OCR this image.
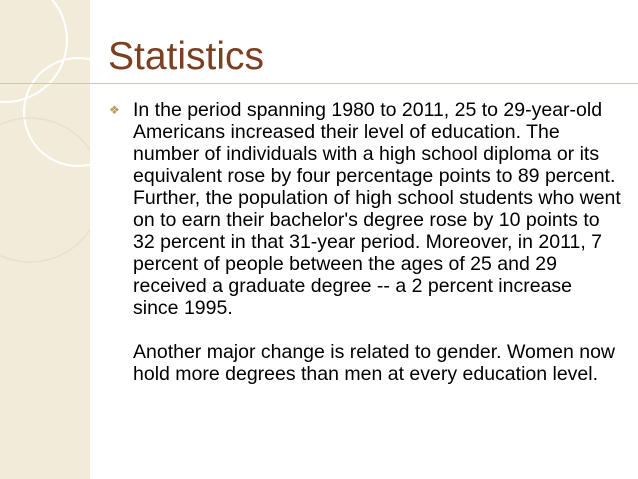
Statistics
❖ In the period spanning 1980 to 2011, 25 to 29-year-old Americans increased their level of education. The number of individuals with a high school diploma or its equivalent rose by four percentage points to 89 percent. Further, the population of high school students who went on to earn their bachelor's degree rose by 10 points to 32 percent in that 31-year period. Moreover, in 2011, 7 percent of people between the ages of 25 and 29 received a graduate degree -- a 2 percent increase since 1995.

Another major change is related to gender. Women now hold more degrees than men at every education level.
